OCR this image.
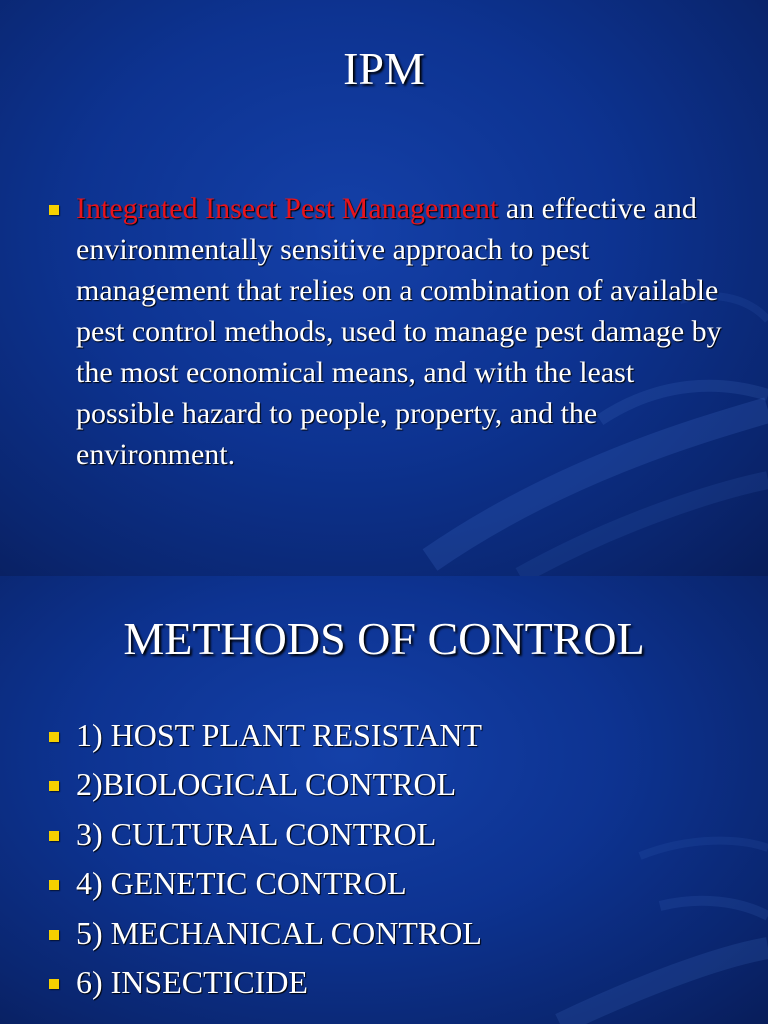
IPM

Integrated Insect Pest Management an effective and environmentally sensitive approach to pest management that relies on a combination of available pest control methods, used to manage pest damage by the most economical means, and with the least possible hazard to people, property, and the environment.

METHODS OF CONTROL
1) HOST PLANT RESISTANT
2)BIOLOGICAL CONTROL
3) CULTURAL CONTROL
4) GENETIC CONTROL
5) MECHANICAL CONTROL
6) INSECTICIDE
